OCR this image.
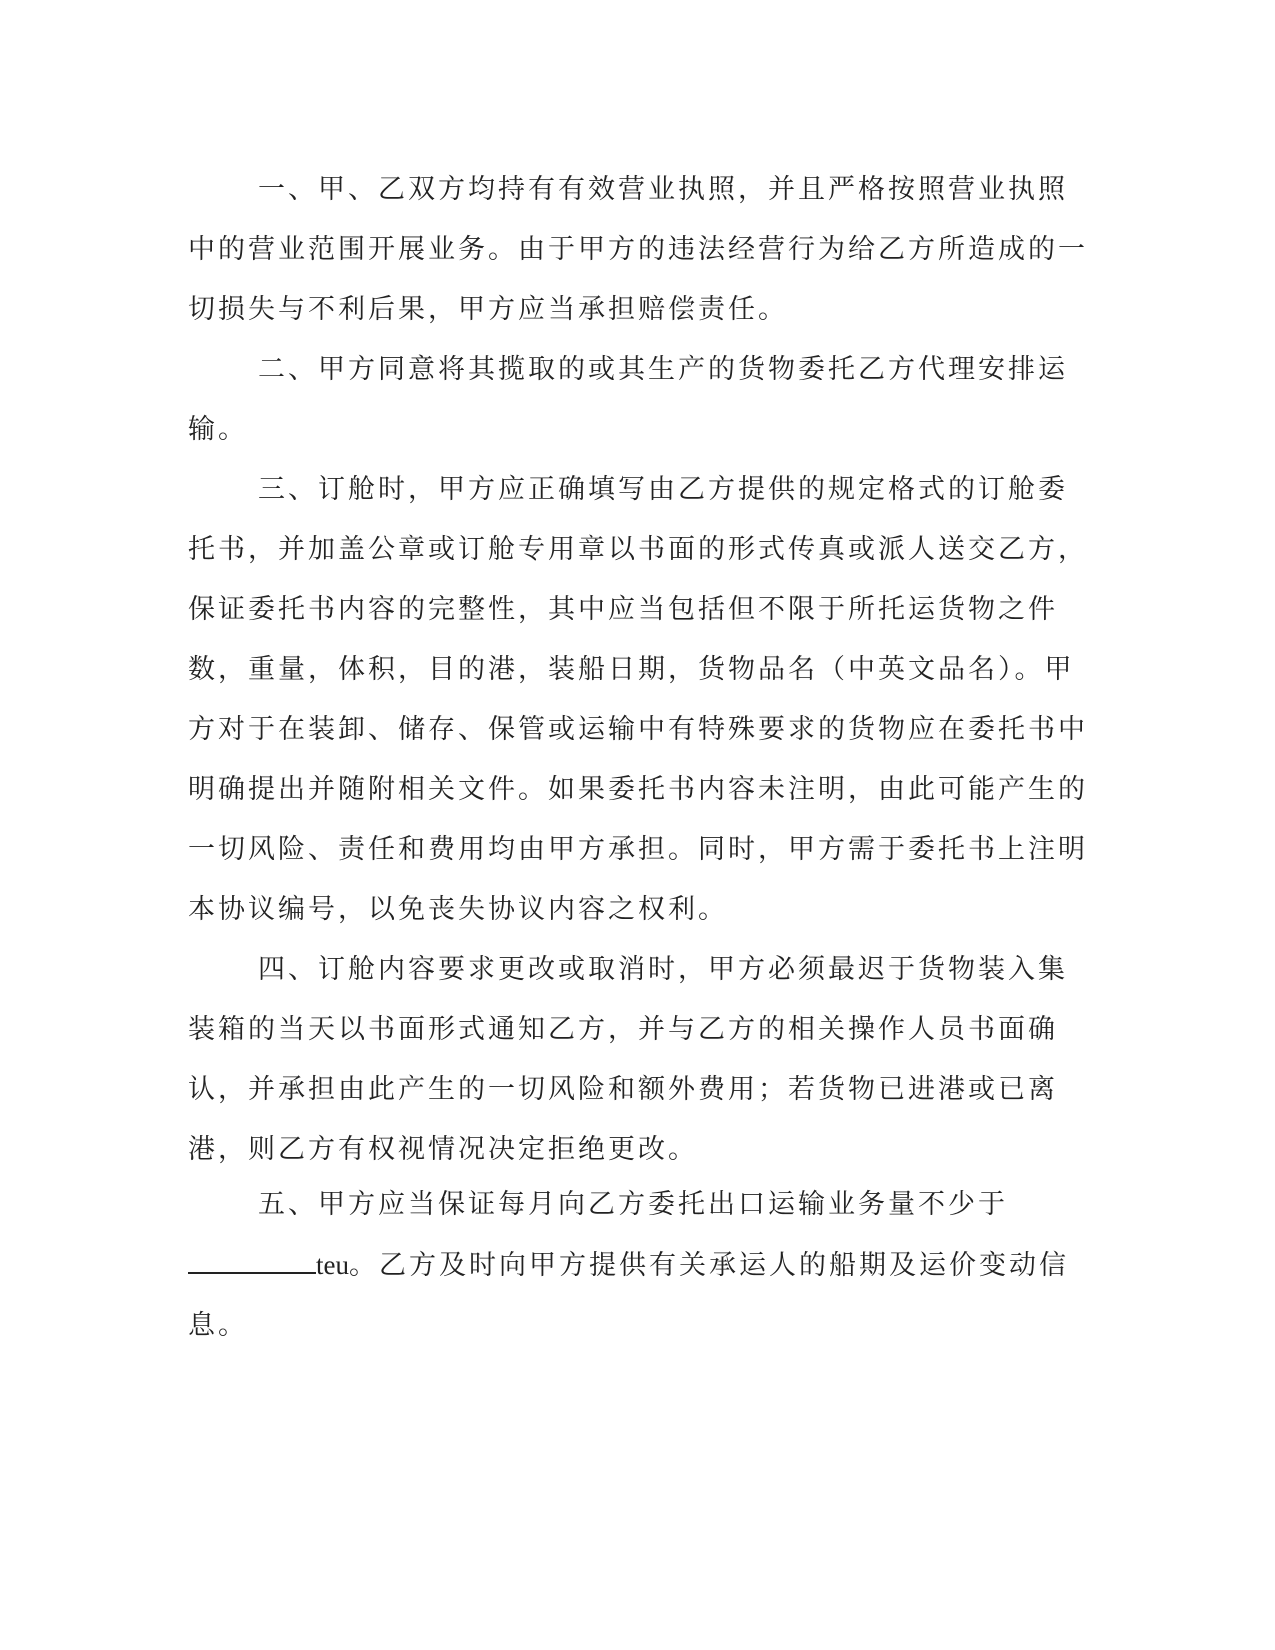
一、甲、乙双方均持有有效营业执照，并且严格按照营业执照中的营业范围开展业务。由于甲方的违法经营行为给乙方所造成的一切损失与不利后果，甲方应当承担赔偿责任。

二、甲方同意将其揽取的或其生产的货物委托乙方代理安排运输。

三、订舱时，甲方应正确填写由乙方提供的规定格式的订舱委托书，并加盖公章或订舱专用章以书面的形式传真或派人送交乙方，保证委托书内容的完整性，其中应当包括但不限于所托运货物之件数，重量，体积，目的港，装船日期，货物品名（中英文品名）。甲方对于在装卸、储存、保管或运输中有特殊要求的货物应在委托书中明确提出并随附相关文件。如果委托书内容未注明，由此可能产生的一切风险、责任和费用均由甲方承担。同时，甲方需于委托书上注明本协议编号，以免丧失协议内容之权利。

四、订舱内容要求更改或取消时，甲方必须最迟于货物装入集装箱的当天以书面形式通知乙方，并与乙方的相关操作人员书面确认，并承担由此产生的一切风险和额外费用；若货物已进港或已离港，则乙方有权视情况决定拒绝更改。

五、甲方应当保证每月向乙方委托出口运输业务量不少于teu。乙方及时向甲方提供有关承运人的船期及运价变动信息。
